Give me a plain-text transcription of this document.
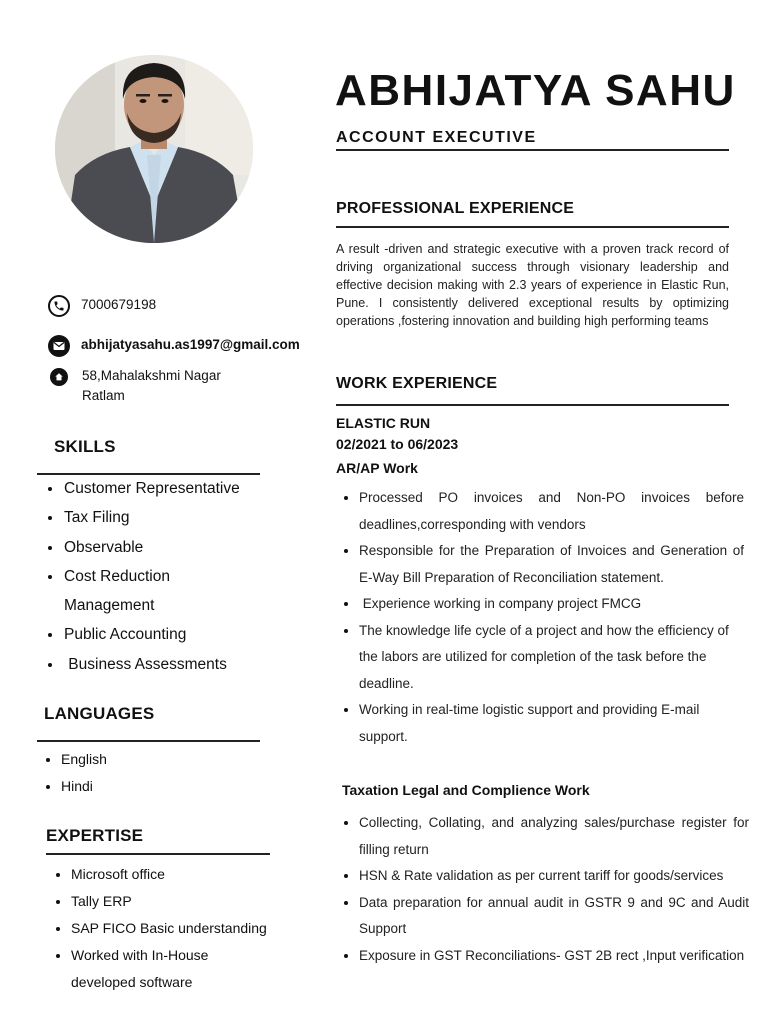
7000679198
abhijatyasahu.as1997@gmail.com
58,Mahalakshmi Nagar
Ratlam
SKILLS
Customer Representative
Tax Filing
Observable
Cost Reduction
Management
Public Accounting
Business Assessments
LANGUAGES
English
Hindi
EXPERTISE
Microsoft office
Tally ERP
SAP FICO Basic understanding
Worked with In-House
developed software
ABHIJATYA SAHU
ACCOUNT EXECUTIVE
PROFESSIONAL EXPERIENCE
A result -driven and strategic executive with a proven track record of driving organizational success through visionary leadership and effective decision making with 2.3 years of experience in Elastic Run, Pune. I consistently delivered exceptional results by optimizing operations ,fostering innovation and building high performing teams
WORK EXPERIENCE
ELASTIC RUN
02/2021 to 06/2023
AR/AP Work
Processed PO invoices and Non-PO invoices before deadlines,corresponding with vendors
Responsible for the Preparation of Invoices and Generation of E-Way Bill Preparation of Reconciliation statement.
Experience working in company project FMCG
The knowledge life cycle of a project and how the efficiency of the labors are utilized for completion of the task before the deadline.
Working in real-time logistic support and providing E-mail support.
Taxation Legal and Complience Work
Collecting, Collating, and analyzing sales/purchase register for filling return
HSN & Rate validation as per current tariff for goods/services
Data preparation for annual audit in GSTR 9 and 9C and Audit Support
Exposure in GST Reconciliations- GST 2B rect ,Input verification
